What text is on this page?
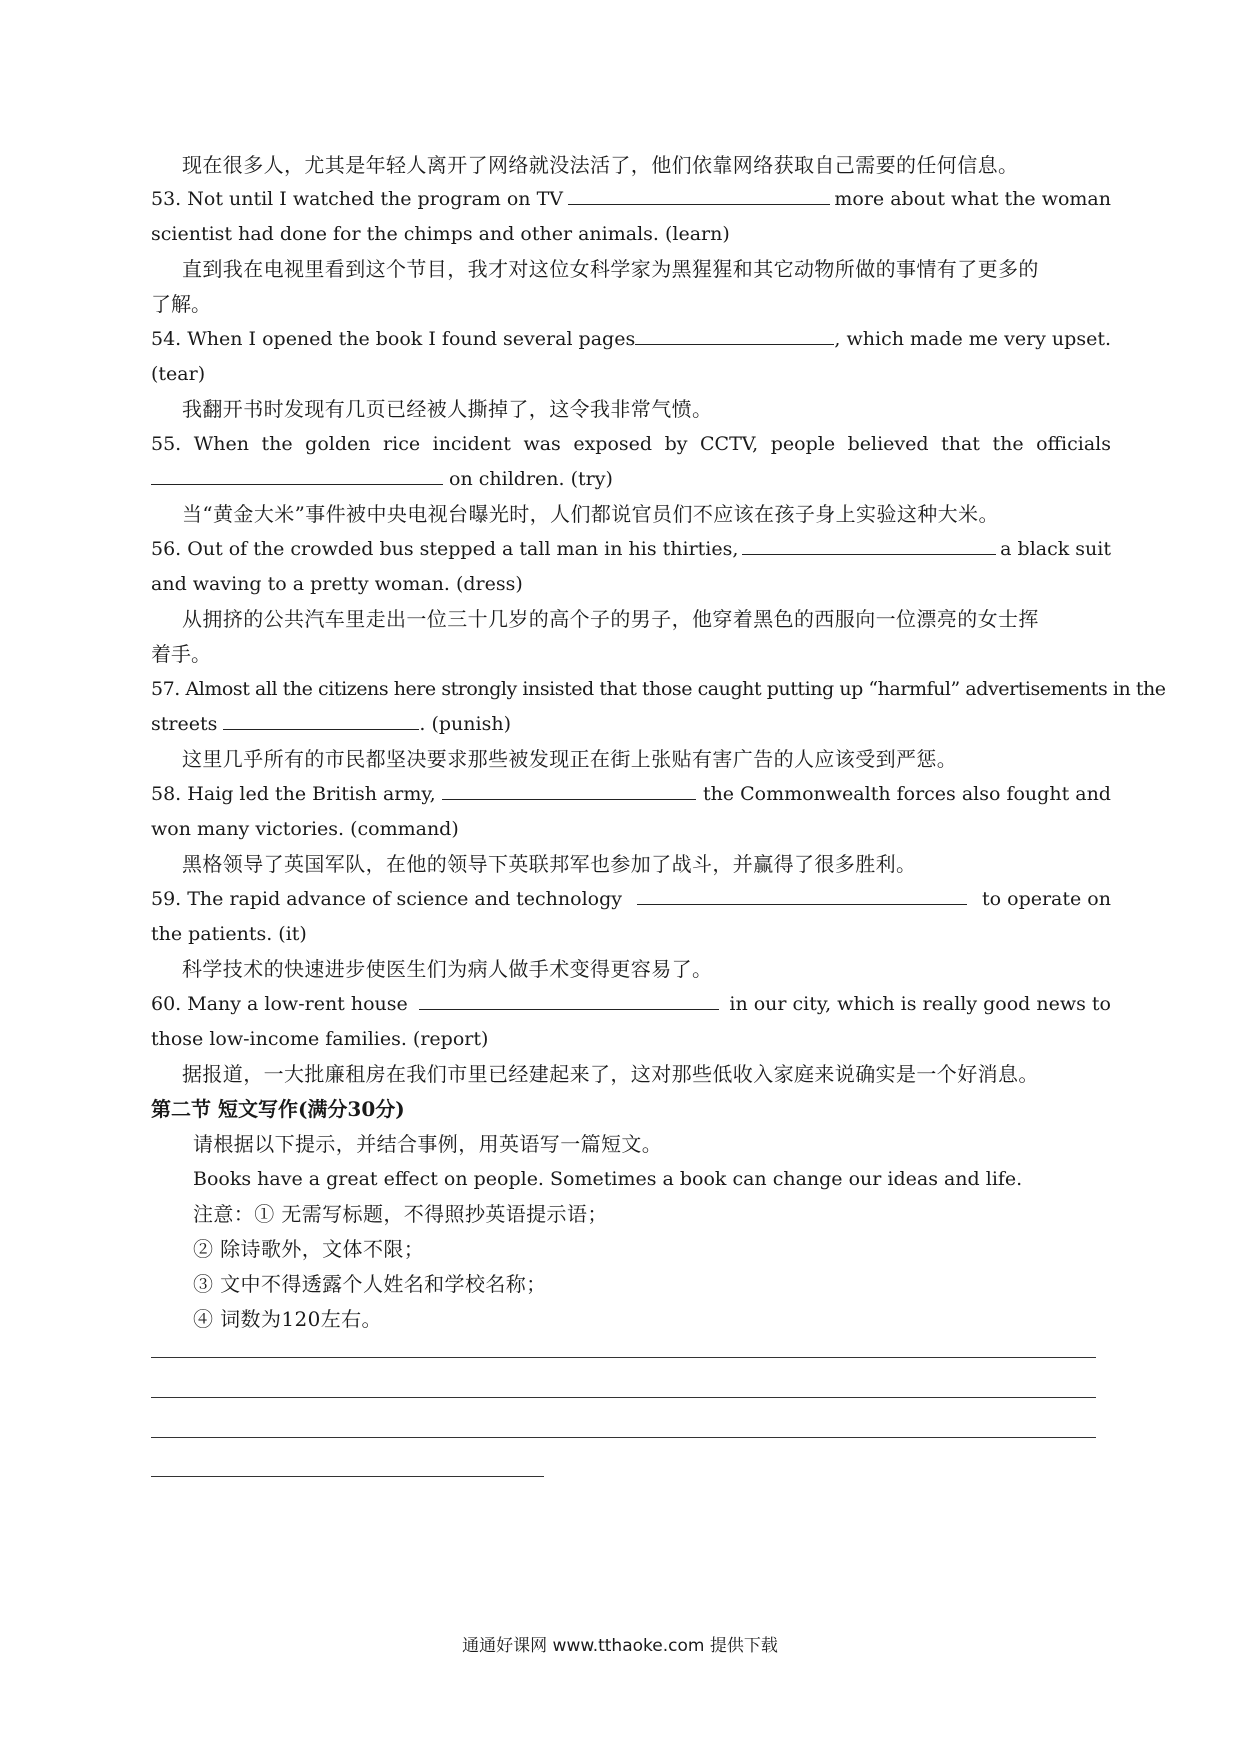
现在很多人，尤其是年轻人离开了网络就没法活了，他们依靠网络获取自己需要的任何信息。
53. Not until I watched the program on TV	more about what the woman
scientist had done for the chimps and other animals. (learn)
直到我在电视里看到这个节目，我才对这位女科学家为黑猩猩和其它动物所做的事情有了更多的
了解。
54. When I opened the book I found several pages	, which made me very upset.
(tear)
我翻开书时发现有几页已经被人撕掉了，这令我非常气愤。
55. When the golden rice incident was exposed by CCTV, people believed that the officials
on children. (try)
当“黄金大米”事件被中央电视台曝光时，人们都说官员们不应该在孩子身上实验这种大米。
56. Out of the crowded bus stepped a tall man in his thirties,	a black suit
and waving to a pretty woman. (dress)
从拥挤的公共汽车里走出一位三十几岁的高个子的男子，他穿着黑色的西服向一位漂亮的女士挥
着手。
57. Almost all the citizens here strongly insisted that those caught putting up “harmful” advertisements in the
streets	. (punish)
这里几乎所有的市民都坚决要求那些被发现正在街上张贴有害广告的人应该受到严惩。
58. Haig led the British army,	the Commonwealth forces also fought and
won many victories. (command)
黑格领导了英国军队，在他的领导下英联邦军也参加了战斗，并赢得了很多胜利。
59. The rapid advance of science and technology	to operate on
the patients. (it)
科学技术的快速进步使医生们为病人做手术变得更容易了。
60. Many a low-rent house	in our city, which is really good news to
those low-income families. (report)
据报道，一大批廉租房在我们市里已经建起来了，这对那些低收入家庭来说确实是一个好消息。
第二节 短文写作(满分30分)
请根据以下提示，并结合事例，用英语写一篇短文。
Books have a great effect on people. Sometimes a book can change our ideas and life.
注意：① 无需写标题，不得照抄英语提示语；
② 除诗歌外，文体不限；
③ 文中不得透露个人姓名和学校名称；
④ 词数为120左右。
通通好课网 www.tthaoke.com 提供下载
